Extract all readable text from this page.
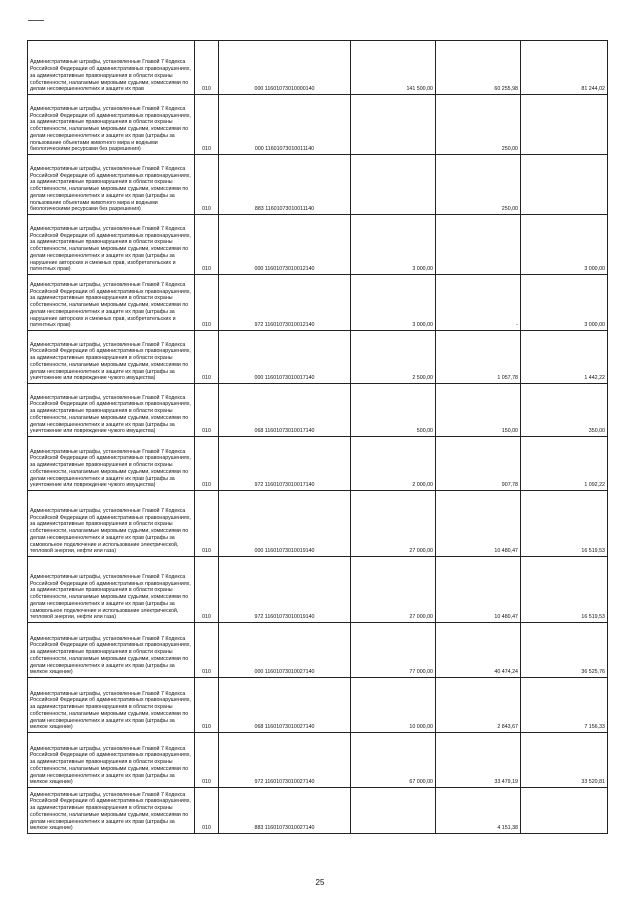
Административные штрафы, установленные Главой 7 Кодекса Российской Федерации об административных правонарушениях, за административные правонарушения в области охраны собственности, налагаемые мировыми судьями, комиссиями по делам несовершеннолетних и защите их прав	010	000 11601073010000140	141 500,00	60 255,98	81 244,02
Административные штрафы, установленные Главой 7 Кодекса Российской Федерации об административных правонарушениях, за административные правонарушения в области охраны собственности, налагаемые мировыми судьями, комиссиями по делам несовершеннолетних и защите их прав (штрафы за пользование объектами животного мира и водными биологическими ресурсами без разрешения)	010	000 11601073010011140		250,00	
Административные штрафы, установленные Главой 7 Кодекса Российской Федерации об административных правонарушениях, за административные правонарушения в области охраны собственности, налагаемые мировыми судьями, комиссиями по делам несовершеннолетних и защите их прав (штрафы за пользование объектами животного мира и водными биологическими ресурсами без разрешения)	010	883 11601073010011140		250,00	
Административные штрафы, установленные Главой 7 Кодекса Российской Федерации об административных правонарушениях, за административные правонарушения в области охраны собственности, налагаемые мировыми судьями, комиссиями по делам несовершеннолетних и защите их прав (штрафы за нарушение авторских и смежных прав, изобретательских и патентных прав)	010	000 11601073010012140	3 000,00		3 000,00
Административные штрафы, установленные Главой 7 Кодекса Российской Федерации об административных правонарушениях, за административные правонарушения в области охраны собственности, налагаемые мировыми судьями, комиссиями по делам несовершеннолетних и защите их прав (штрафы за нарушение авторских и смежных прав, изобретательских и патентных прав)	010	972 11601073010012140	3 000,00	-	3 000,00
Административные штрафы, установленные Главой 7 Кодекса Российской Федерации об административных правонарушениях, за административные правонарушения в области охраны собственности, налагаемые мировыми судьями, комиссиями по делам несовершеннолетних и защите их прав (штрафы за уничтожение или повреждение чужого имущества)	010	000 11601073010017140	2 500,00	1 057,78	1 442,22
Административные штрафы, установленные Главой 7 Кодекса Российской Федерации об административных правонарушениях, за административные правонарушения в области охраны собственности, налагаемые мировыми судьями, комиссиями по делам несовершеннолетних и защите их прав (штрафы за уничтожение или повреждение чужого имущества)	010	068 11601073010017140	500,00	150,00	350,00
Административные штрафы, установленные Главой 7 Кодекса Российской Федерации об административных правонарушениях, за административные правонарушения в области охраны собственности, налагаемые мировыми судьями, комиссиями по делам несовершеннолетних и защите их прав (штрафы за уничтожение или повреждение чужого имущества)	010	972 11601073010017140	2 000,00	907,78	1 092,22
Административные штрафы, установленные Главой 7 Кодекса Российской Федерации об административных правонарушениях, за административные правонарушения в области охраны собственности, налагаемые мировыми судьями, комиссиями по делам несовершеннолетних и защите их прав (штрафы за самовольное подключение и использование электрической, тепловой энергии, нефти или газа)	010	000 11601073010019140	27 000,00	10 480,47	16 519,53
Административные штрафы, установленные Главой 7 Кодекса Российской Федерации об административных правонарушениях, за административные правонарушения в области охраны собственности, налагаемые мировыми судьями, комиссиями по делам несовершеннолетних и защите их прав (штрафы за самовольное подключение и использование электрической, тепловой энергии, нефти или газа)	010	972 11601073010019140	27 000,00	10 480,47	16 519,53
Административные штрафы, установленные Главой 7 Кодекса Российской Федерации об административных правонарушениях, за административные правонарушения в области охраны собственности, налагаемые мировыми судьями, комиссиями по делам несовершеннолетних и защите их прав (штрафы за мелкое хищение)	010	000 11601073010027140	77 000,00	40 474,24	36 525,76
Административные штрафы, установленные Главой 7 Кодекса Российской Федерации об административных правонарушениях, за административные правонарушения в области охраны собственности, налагаемые мировыми судьями, комиссиями по делам несовершеннолетних и защите их прав (штрафы за мелкое хищение)	010	068 11601073010027140	10 000,00	2 843,67	7 156,33
Административные штрафы, установленные Главой 7 Кодекса Российской Федерации об административных правонарушениях, за административные правонарушения в области охраны собственности, налагаемые мировыми судьями, комиссиями по делам несовершеннолетних и защите их прав (штрафы за мелкое хищение)	010	972 11601073010027140	67 000,00	33 479,19	33 520,81
Административные штрафы, установленные Главой 7 Кодекса Российской Федерации об административных правонарушениях, за административные правонарушения в области охраны собственности, налагаемые мировыми судьями, комиссиями по делам несовершеннолетних и защите их прав (штрафы за мелкое хищение)	010	883 11601073010027140		4 151,38	
25
